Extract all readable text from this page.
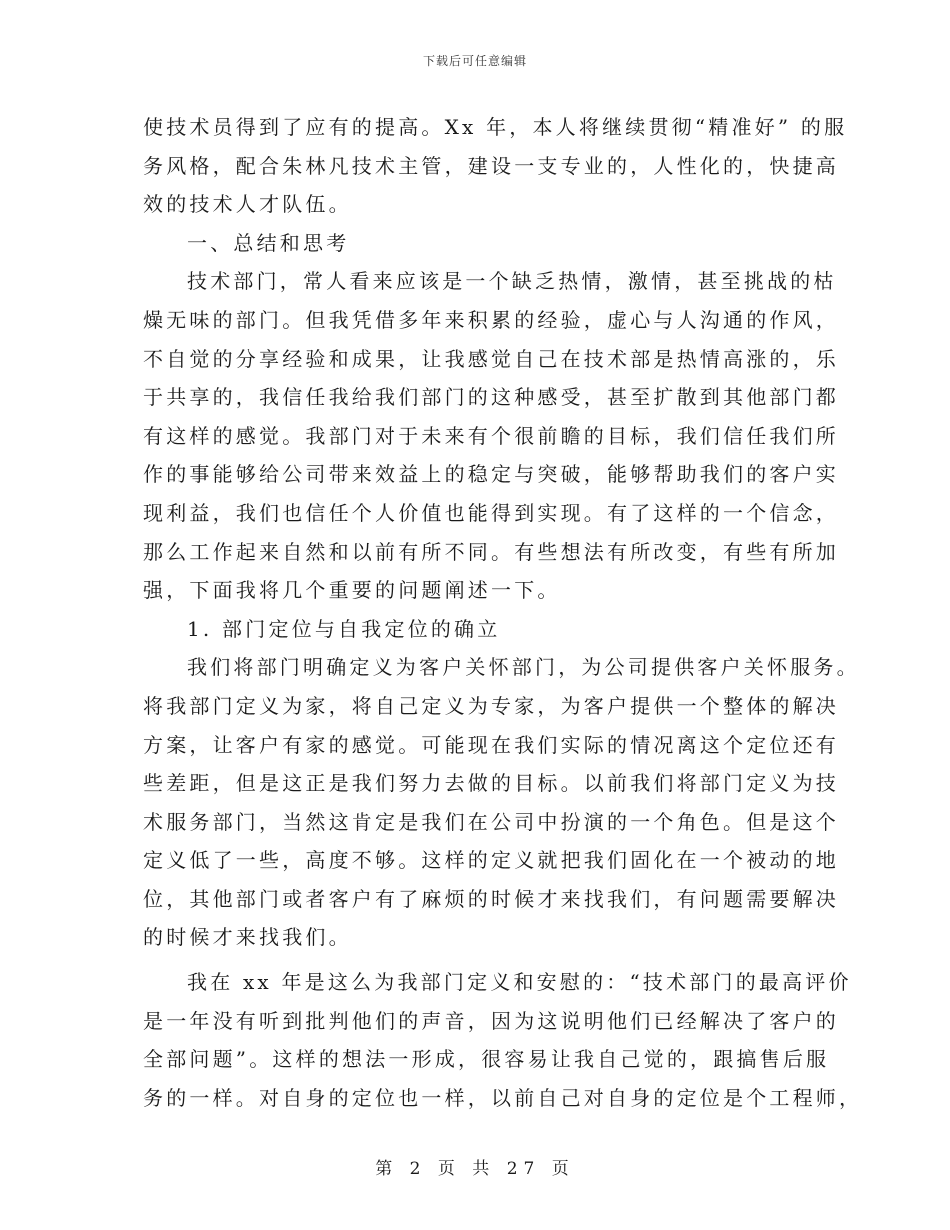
下载后可任意编辑
使技术员得到了应有的提高。Xx 年，本人将继续贯彻“精准好” 的服
务风格，配合朱林凡技术主管，建设一支专业的，人性化的，快捷高
效的技术人才队伍。
一、总结和思考
技术部门，常人看来应该是一个缺乏热情，激情，甚至挑战的枯
燥无味的部门。但我凭借多年来积累的经验，虚心与人沟通的作风，
不自觉的分享经验和成果，让我感觉自己在技术部是热情高涨的，乐
于共享的，我信任我给我们部门的这种感受，甚至扩散到其他部门都
有这样的感觉。我部门对于未来有个很前瞻的目标，我们信任我们所
作的事能够给公司带来效益上的稳定与突破，能够帮助我们的客户实
现利益，我们也信任个人价值也能得到实现。有了这样的一个信念，
那么工作起来自然和以前有所不同。有些想法有所改变，有些有所加
强，下面我将几个重要的问题阐述一下。
1. 部门定位与自我定位的确立
我们将部门明确定义为客户关怀部门，为公司提供客户关怀服务。
将我部门定义为家，将自己定义为专家，为客户提供一个整体的解决
方案，让客户有家的感觉。可能现在我们实际的情况离这个定位还有
些差距，但是这正是我们努力去做的目标。以前我们将部门定义为技
术服务部门，当然这肯定是我们在公司中扮演的一个角色。但是这个
定义低了一些，高度不够。这样的定义就把我们固化在一个被动的地
位，其他部门或者客户有了麻烦的时候才来找我们，有问题需要解决
的时候才来找我们。
我在 xx 年是这么为我部门定义和安慰的：“技术部门的最高评价
是一年没有听到批判他们的声音，因为这说明他们已经解决了客户的
全部问题”。这样的想法一形成，很容易让我自己觉的，跟搞售后服
务的一样。对自身的定位也一样，以前自己对自身的定位是个工程师，
第 2 页 共 27 页
